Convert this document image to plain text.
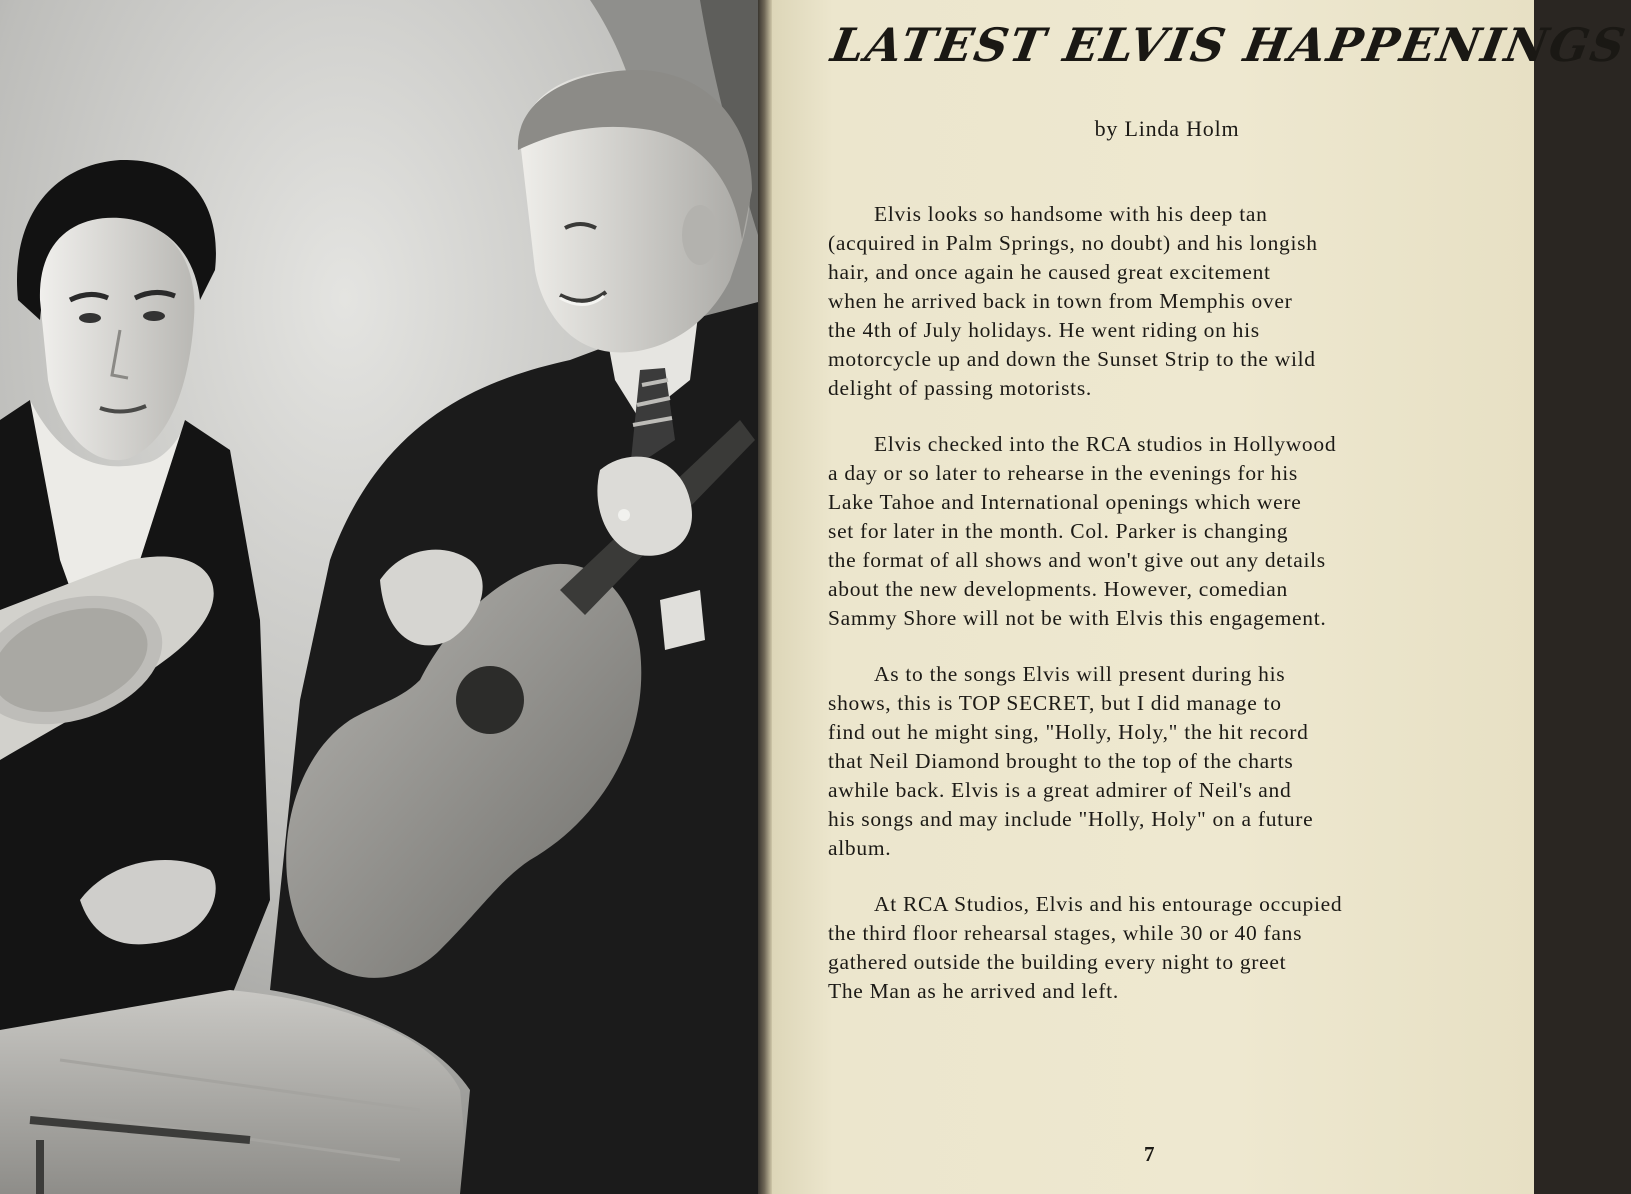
LATEST ELVIS HAPPENINGS
by Linda Holm

Elvis looks so handsome with his deep tan
(acquired in Palm Springs, no doubt) and his longish
hair, and once again he caused great excitement
when he arrived back in town from Memphis over
the 4th of July holidays. He went riding on his
motorcycle up and down the Sunset Strip to the wild
delight of passing motorists.

Elvis checked into the RCA studios in Hollywood
a day or so later to rehearse in the evenings for his
Lake Tahoe and International openings which were
set for later in the month. Col. Parker is changing
the format of all shows and won't give out any details
about the new developments. However, comedian
Sammy Shore will not be with Elvis this engagement.

As to the songs Elvis will present during his
shows, this is TOP SECRET, but I did manage to
find out he might sing, "Holly, Holy," the hit record
that Neil Diamond brought to the top of the charts
awhile back. Elvis is a great admirer of Neil's and
his songs and may include "Holly, Holy" on a future
album.

At RCA Studios, Elvis and his entourage occupied
the third floor rehearsal stages, while 30 or 40 fans
gathered outside the building every night to greet
The Man as he arrived and left.

7
